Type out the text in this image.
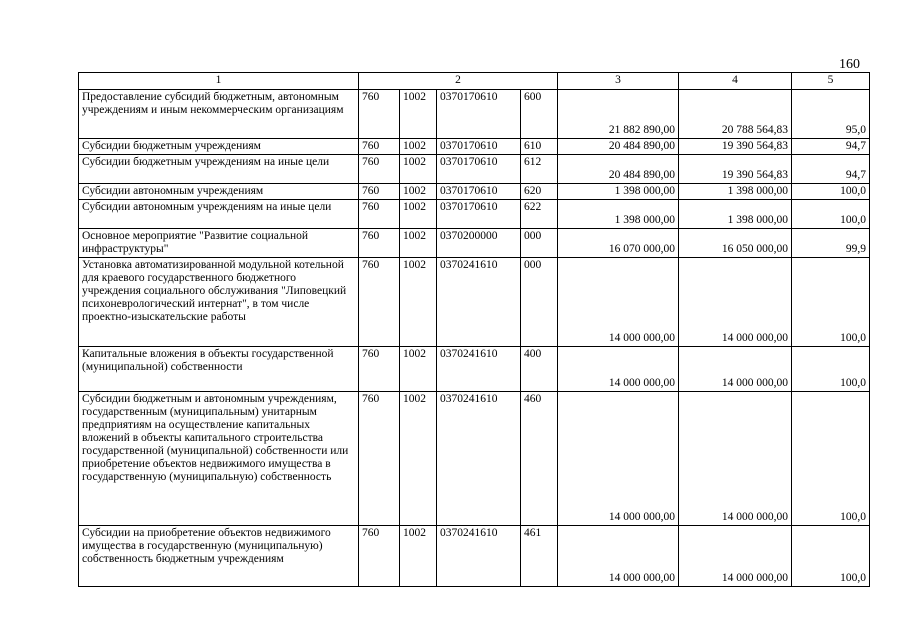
160
1	2				3	4	5
Предоставление субсидий бюджетным, автономным учреждениям и иным некоммерческим организациям	760	1002	0370170610	600	21 882 890,00	20 788 564,83	95,0
Субсидии бюджетным учреждениям	760	1002	0370170610	610	20 484 890,00	19 390 564,83	94,7
Субсидии бюджетным учреждениям на иные цели	760	1002	0370170610	612	20 484 890,00	19 390 564,83	94,7
Субсидии автономным учреждениям	760	1002	0370170610	620	1 398 000,00	1 398 000,00	100,0
Субсидии автономным учреждениям на иные цели	760	1002	0370170610	622	1 398 000,00	1 398 000,00	100,0
Основное мероприятие "Развитие социальной инфраструктуры"	760	1002	0370200000	000	16 070 000,00	16 050 000,00	99,9
Установка автоматизированной модульной котельной для краевого государственного бюджетного учреждения социального обслуживания "Липовецкий психоневрологический интернат", в том числе проектно-изыскательские работы	760	1002	0370241610	000	14 000 000,00	14 000 000,00	100,0
Капитальные вложения в объекты государственной (муниципальной) собственности	760	1002	0370241610	400	14 000 000,00	14 000 000,00	100,0
Субсидии бюджетным и автономным учреждениям, государственным (муниципальным) унитарным предприятиям на осуществление капитальных вложений в объекты капитального строительства государственной (муниципальной) собственности или приобретение объектов недвижимого имущества в государственную (муниципальную) собственность	760	1002	0370241610	460	14 000 000,00	14 000 000,00	100,0
Субсидии на приобретение объектов недвижимого имущества в государственную (муниципальную) собственность бюджетным учреждениям	760	1002	0370241610	461	14 000 000,00	14 000 000,00	100,0
